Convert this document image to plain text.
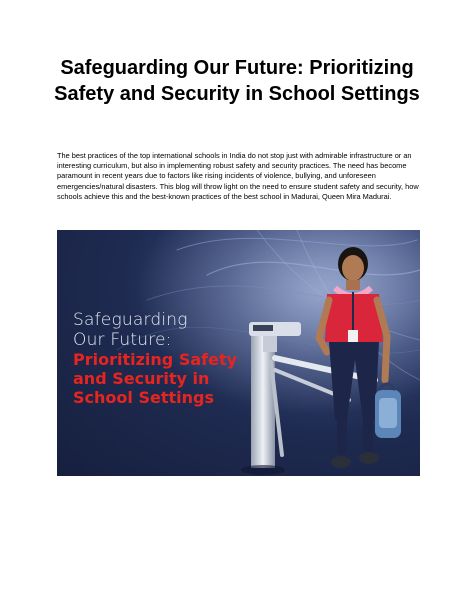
Safeguarding Our Future: Prioritizing Safety and Security in School Settings

The best practices of the top international schools in India do not stop just with admirable infrastructure or an interesting curriculum, but also in implementing robust safety and security practices. The need has become paramount in recent years due to factors like rising incidents of violence, bullying, and unforeseen emergencies/natural disasters. This blog will throw light on the need to ensure student safety and security, how schools achieve this and the best-known practices of the best school in Madurai, Queen Mira Madurai.

Safeguarding
Our Future:
Prioritizing Safety
and Security in
School Settings
